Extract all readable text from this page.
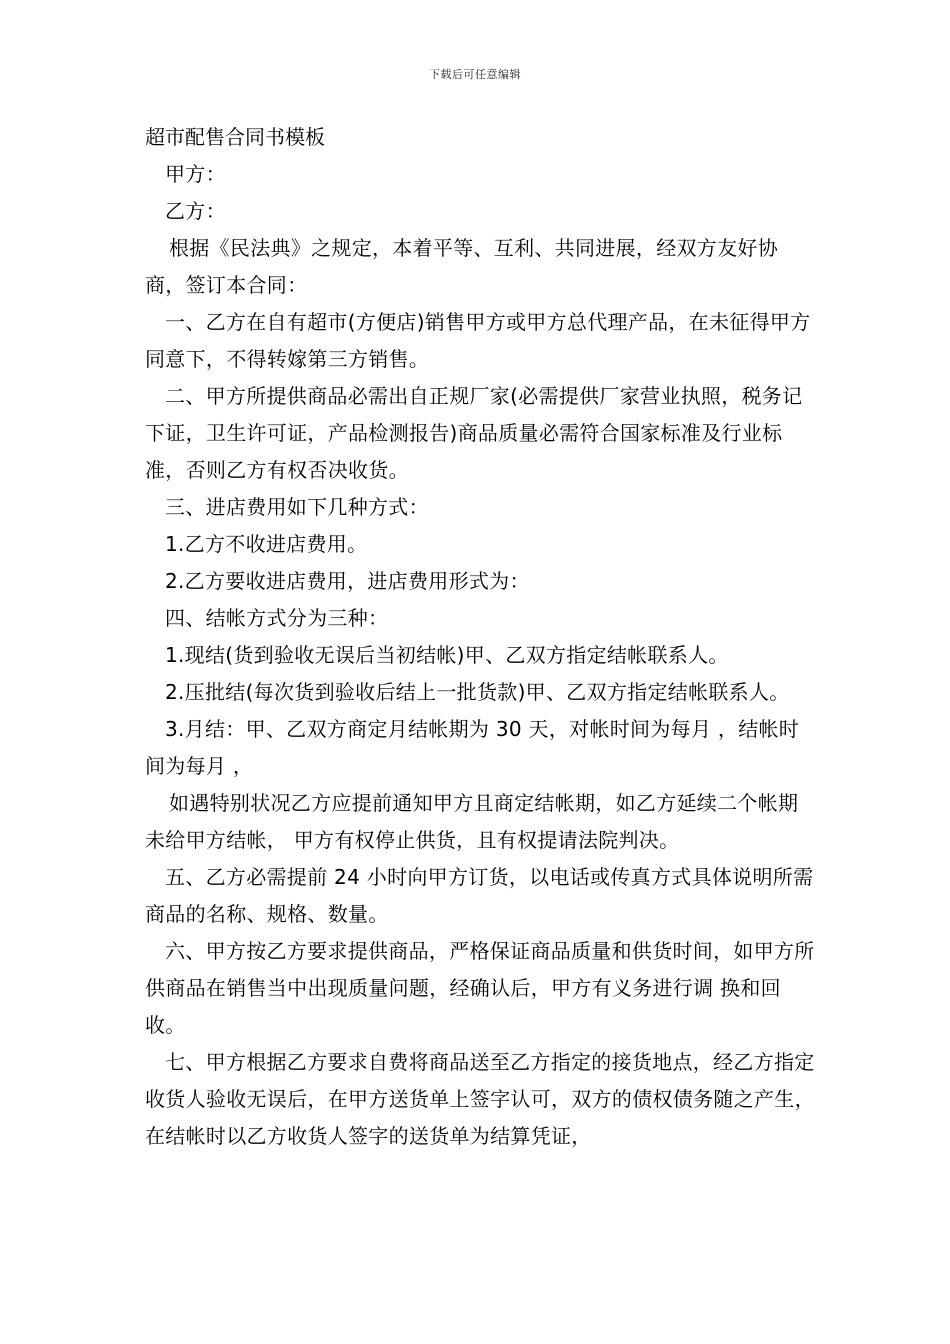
下载后可任意编辑
超市配售合同书模板

甲方：

乙方：

根据《民法典》之规定，本着平等、互利、共同进展，经双方友好协商，签订本合同：

一、乙方在自有超市(方便店)销售甲方或甲方总代理产品，在未征得甲方同意下，不得转嫁第三方销售。

二、甲方所提供商品必需出自正规厂家(必需提供厂家营业执照，税务记下证，卫生许可证，产品检测报告)商品质量必需符合国家标准及行业标准，否则乙方有权否决收货。

三、进店费用如下几种方式：

1.乙方不收进店费用。

2.乙方要收进店费用，进店费用形式为：

四、结帐方式分为三种：

1.现结(货到验收无误后当初结帐)甲、乙双方指定结帐联系人。

2.压批结(每次货到验收后结上一批货款)甲、乙双方指定结帐联系人。

3.月结：甲、乙双方商定月结帐期为 30 天，对帐时间为每月 ，结帐时间为每月 ，

如遇特别状况乙方应提前通知甲方且商定结帐期，如乙方延续二个帐期未给甲方结帐， 甲方有权停止供货，且有权提请法院判决。

五、乙方必需提前 24 小时向甲方订货，以电话或传真方式具体说明所需商品的名称、规格、数量。

六、甲方按乙方要求提供商品，严格保证商品质量和供货时间，如甲方所供商品在销售当中出现质量问题，经确认后，甲方有义务进行调 换和回收。

七、甲方根据乙方要求自费将商品送至乙方指定的接货地点，经乙方指定收货人验收无误后，在甲方送货单上签字认可，双方的债权债务随之产生，在结帐时以乙方收货人签字的送货单为结算凭证，
